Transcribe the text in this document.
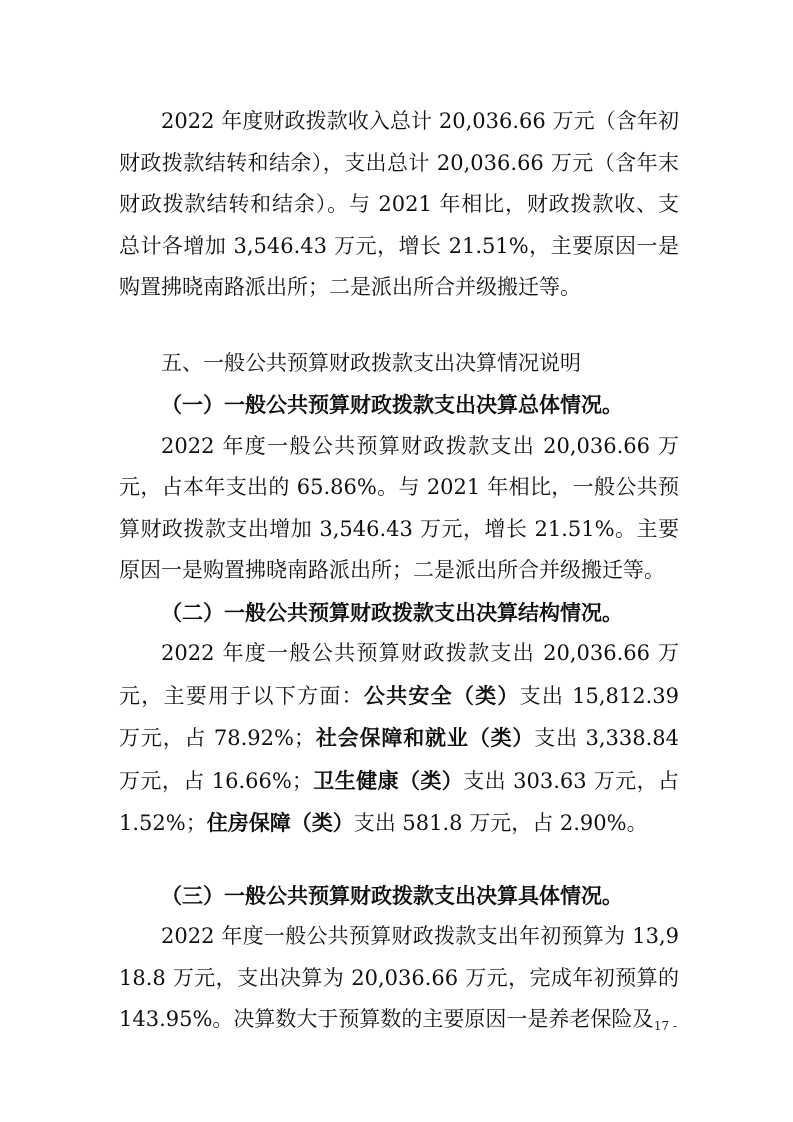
2022 年度财政拨款收入总计 20,036.66 万元（含年初财政拨款结转和结余），支出总计 20,036.66 万元（含年末财政拨款结转和结余）。与 2021 年相比，财政拨款收、支总计各增加 3,546.43 万元，增长 21.51%，主要原因一是购置拂晓南路派出所；二是派出所合并级搬迁等。

五、一般公共预算财政拨款支出决算情况说明
（一）一般公共预算财政拨款支出决算总体情况。

2022 年度一般公共预算财政拨款支出 20,036.66 万元，占本年支出的 65.86%。与 2021 年相比，一般公共预算财政拨款支出增加 3,546.43 万元，增长 21.51%。主要原因一是购置拂晓南路派出所；二是派出所合并级搬迁等。

（二）一般公共预算财政拨款支出决算结构情况。

2022 年度一般公共预算财政拨款支出 20,036.66 万元，主要用于以下方面：公共安全（类）支出 15,812.39 万元，占 78.92%；社会保障和就业（类）支出 3,338.84 万元，占 16.66%；卫生健康（类）支出 303.63 万元，占 1.52%；住房保障（类）支出 581.8 万元，占 2.90%。

（三）一般公共预算财政拨款支出决算具体情况。

2022 年度一般公共预算财政拨款支出年初预算为 13,918.8 万元，支出决算为 20,036.66 万元，完成年初预算的 143.95%。决算数大于预算数的主要原因一是养老保险及

- 17 -
